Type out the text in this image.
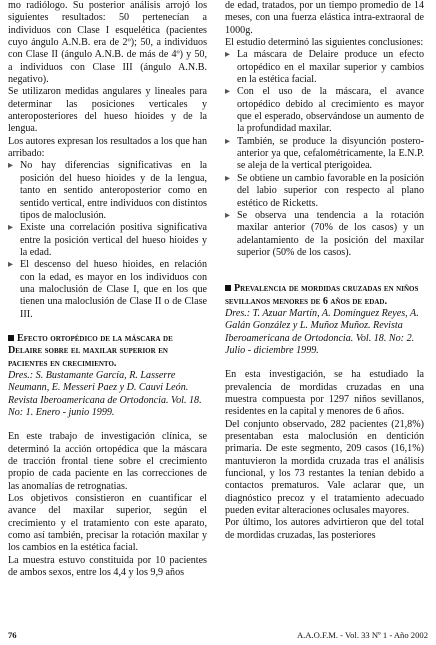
mo radiólogo. Su posterior análisis arrojó los siguientes resultados: 50 pertenecían a individuos con Clase I esquelética (pacientes cuyo ángulo A.N.B. era de 2º); 50, a individuos con Clase II (ángulo A.N.B. de más de 4º) y 50, a individuos con Clase III (ángulo A.N.B. negativo).

Se utilizaron medidas angulares y lineales para determinar las posiciones verticales y anteroposteriores del hueso hioides y de la lengua.

Los autores expresan los resultados a los que han arribado:

▸ No hay diferencias significativas en la posición del hueso hioides y de la lengua, tanto en sentido anteroposterior como en sentido vertical, entre individuos con distintos tipos de maloclusión.
▸ Existe una correlación positiva significativa entre la posición vertical del hueso hioides y la edad.
▸ El descenso del hueso hioides, en relación con la edad, es mayor en los individuos con una maloclusión de Clase I, que en los que tienen una maloclusión de Clase II o de Clase III.
Efecto ortopédico de la máscara de Delaire sobre el maxilar superior en pacientes en crecimiento.

Dres.: S. Bustamante García, R. Lasserre Neumann, E. Messeri Paez y D. Cauvi León. Revista Iberoamericana de Ortodoncia. Vol. 18. No: 1. Enero - junio 1999.

En este trabajo de investigación clínica, se determinó la acción ortopédica que la máscara de tracción frontal tiene sobre el crecimiento propio de cada paciente en las correcciones de las anomalías de retrognatias.

Los objetivos consistieron en cuantificar el avance del maxilar superior, según el crecimiento y el tratamiento con este aparato, como así también, precisar la rotación maxilar y los cambios en la estética facial.

La muestra estuvo constituida por 10 pacientes de ambos sexos, entre los 4,4 y los 9,9 años

de edad, tratados, por un tiempo promedio de 14 meses, con una fuerza elástica intra-extraoral de 1000g.

El estudio determinó las siguientes conclusiones:

▸ La máscara de Delaire produce un efecto ortopédico en el maxilar superior y cambios en la estética facial.
▸ Con el uso de la máscara, el avance ortopédico debido al crecimiento es mayor que el esperado, observándose un aumento de la profundidad maxilar.
▸ También, se produce la disyunción postero-anterior ya que, cefalométricamente, la E.N.P. se aleja de la vertical pterigoidea.
▸ Se obtiene un cambio favorable en la posición del labio superior con respecto al plano estético de Ricketts.
▸ Se observa una tendencia a la rotación maxilar anterior (70% de los casos) y un adelantamiento de la posición del maxilar superior (50% de los casos).
Prevalencia de mordidas cruzadas en niños sevillanos menores de 6 años de edad.

Dres.: T. Azuar Martín, A. Domínguez Reyes, A. Galán González y L. Muñoz Muñoz. Revista Iberoamericana de Ortodoncia. Vol. 18. No: 2. Julio - diciembre 1999.

En esta investigación, se ha estudiado la prevalencia de mordidas cruzadas en una muestra compuesta por 1297 niños sevillanos, residentes en la capital y menores de 6 años.

Del conjunto observado, 282 pacientes (21,8%) presentaban esta maloclusión en dentición primaria. De este segmento, 209 casos (16,1%) mantuvieron la mordida cruzada tras el análisis funcional, y los 73 restantes la tenían debido a contactos prematuros. Vale aclarar que, un diagnóstico precoz y el tratamiento adecuado pueden evitar alteraciones oclusales mayores.

Por último, los autores advirtieron que del total de mordidas cruzadas, las posteriores

76	A.A.O.F.M. - Vol. 33 Nº 1 - Año 2002
